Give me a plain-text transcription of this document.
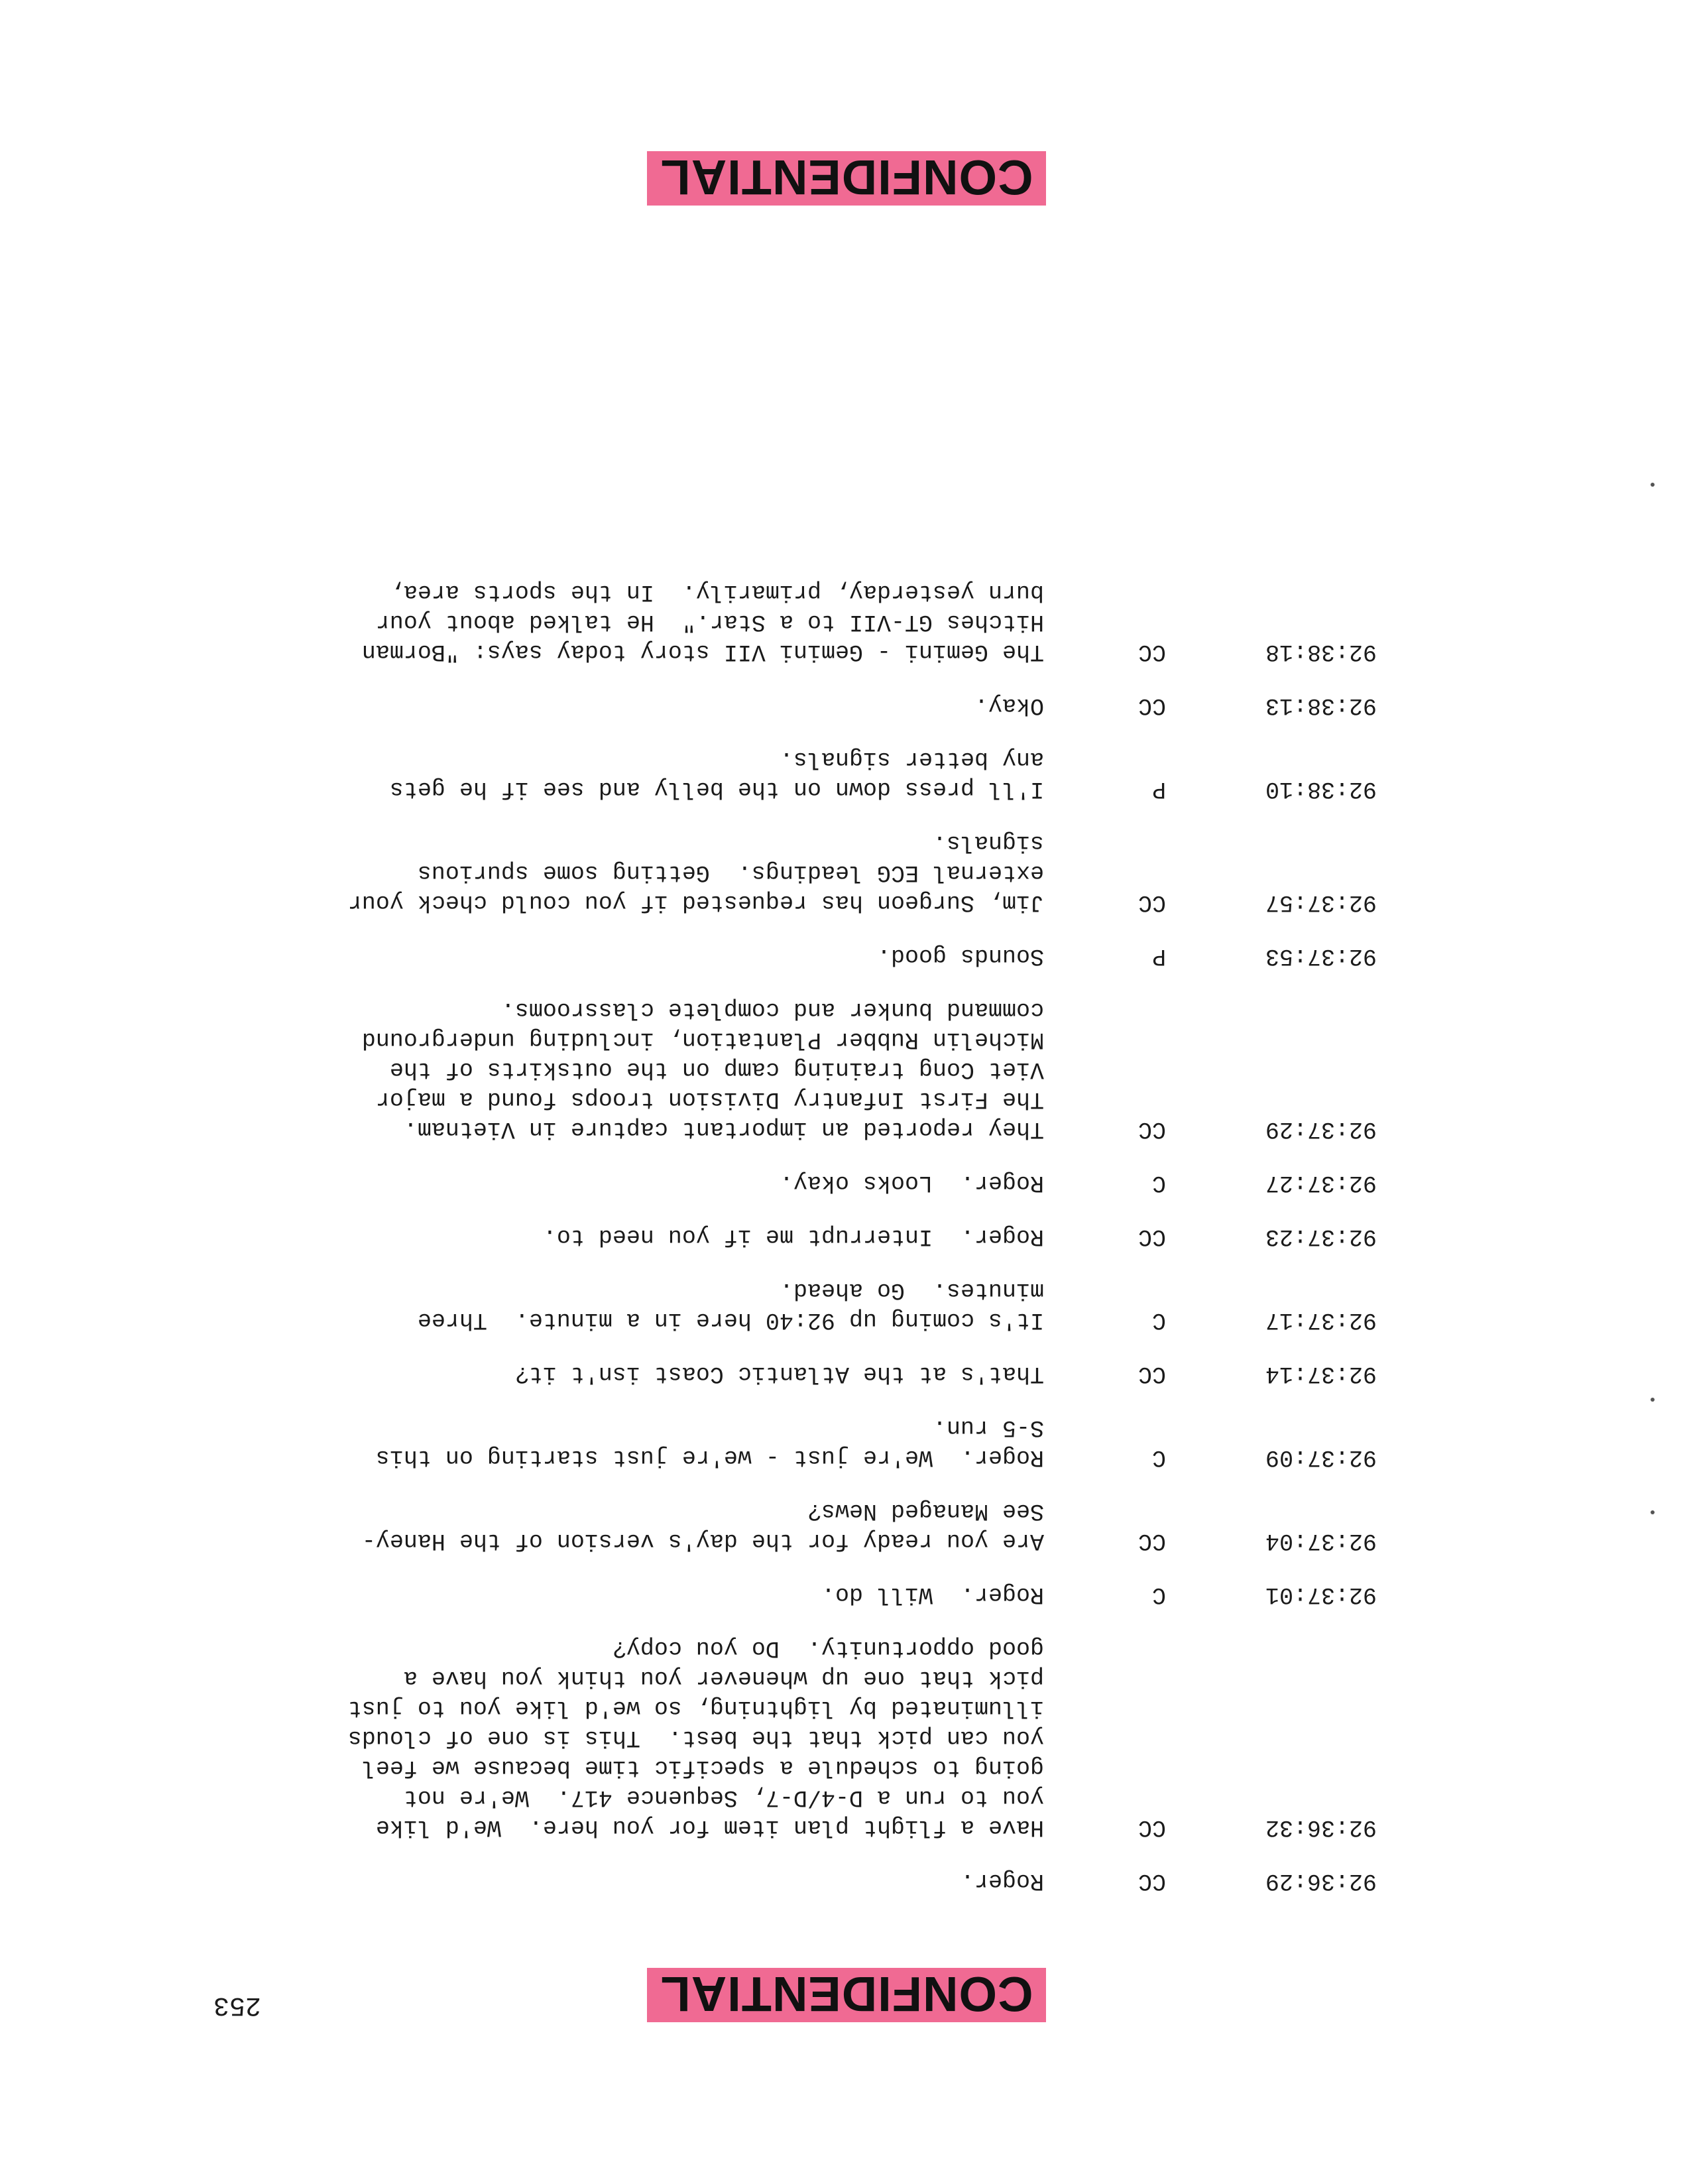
CONFIDENTIAL
253
92:36:29
CC
Roger.
92:36:32
CC
Have a flight plan item for you here.  We'd like
you to run a D-4/D-7, Sequence 417.  We're not
going to schedule a specific time because we feel
you can pick that the best.  This is one of clouds
illuminated by lightning, so we'd like you to just
pick that one up whenever you think you have a
good opportunity.  Do you copy?
92:37:01
C
Roger.  Will do.
92:37:04
CC
Are you ready for the day's version of the Haney-
See Managed News?
92:37:09
C
Roger.  We're just - we're just starting on this
S-5 run.
92:37:14
CC
That's at the Atlantic Coast isn't it?
92:37:17
C
It's coming up 92:40 here in a minute.  Three
minutes.  Go ahead.
92:37:23
CC
Roger.  Interrupt me if you need to.
92:37:27
C
Roger.  Looks okay.
92:37:29
CC
They reported an important capture in Vietnam.
The First Infantry Division troops found a major
Viet Cong training camp on the outskirts of the
Michelin Rubber Plantation, including underground
command bunker and complete classrooms.
92:37:53
P
Sounds good.
92:37:57
CC
Jim, Surgeon has requested if you could check your
external ECG leadings.  Getting some spurious
signals.
92:38:10
P
I'll press down on the belly and see if he gets
any better signals.
92:38:13
CC
Okay.
92:38:18
CC
The Gemini - Gemini VII story today says: "Borman
Hitches GT-VII to a Star."  He talked about your
burn yesterday, primarily.  In the sports area,
CONFIDENTIAL
